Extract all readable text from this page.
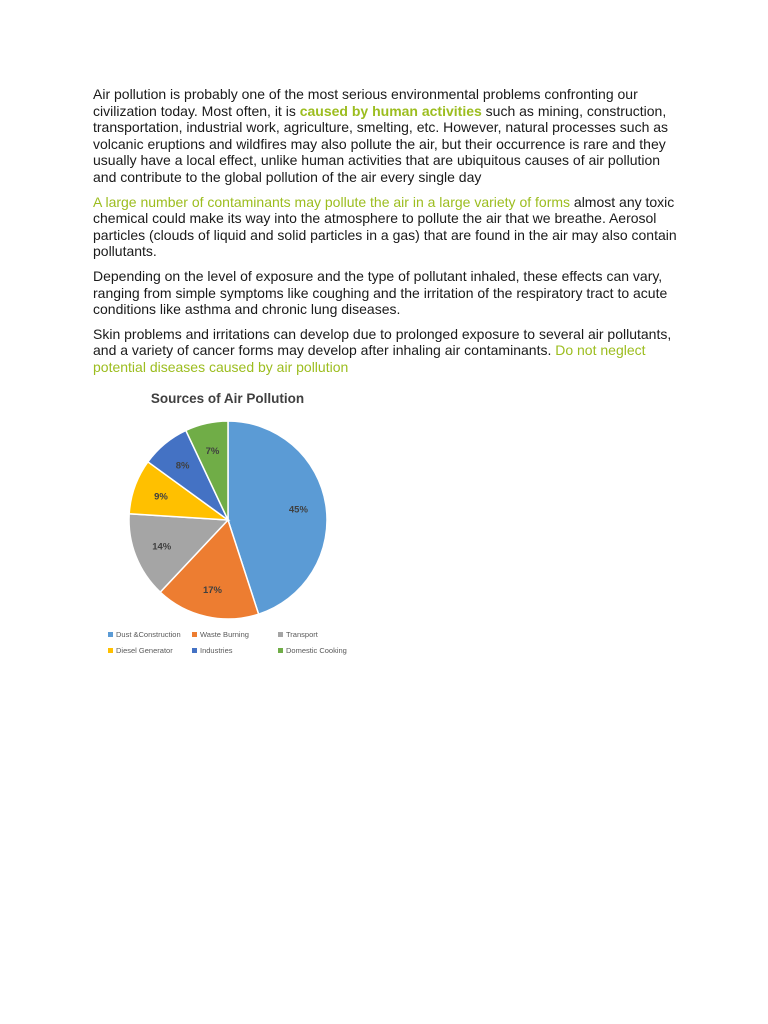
Air pollution is probably one of the most serious environmental problems confronting our civilization today. Most often, it is caused by human activities such as mining, construction, transportation, industrial work, agriculture, smelting, etc. However, natural processes such as volcanic eruptions and wildfires may also pollute the air, but their occurrence is rare and they usually have a local effect, unlike human activities that are ubiquitous causes of air pollution and contribute to the global pollution of the air every single day

A large number of contaminants may pollute the air in a large variety of forms almost any toxic chemical could make its way into the atmosphere to pollute the air that we breathe. Aerosol particles (clouds of liquid and solid particles in a gas) that are found in the air may also contain pollutants.

Depending on the level of exposure and the type of pollutant inhaled, these effects can vary, ranging from simple symptoms like coughing and the irritation of the respiratory tract to acute conditions like asthma and chronic lung diseases.

Skin problems and irritations can develop due to prolonged exposure to several air pollutants, and a variety of cancer forms may develop after inhaling air contaminants. Do not neglect potential diseases caused by air pollution

Sources of Air Pollution
45%
17%
14%
9%
8%
7%
Dust &Construction	Waste Burning	Transport
Diesel Generator	Industries	Domestic Cooking
